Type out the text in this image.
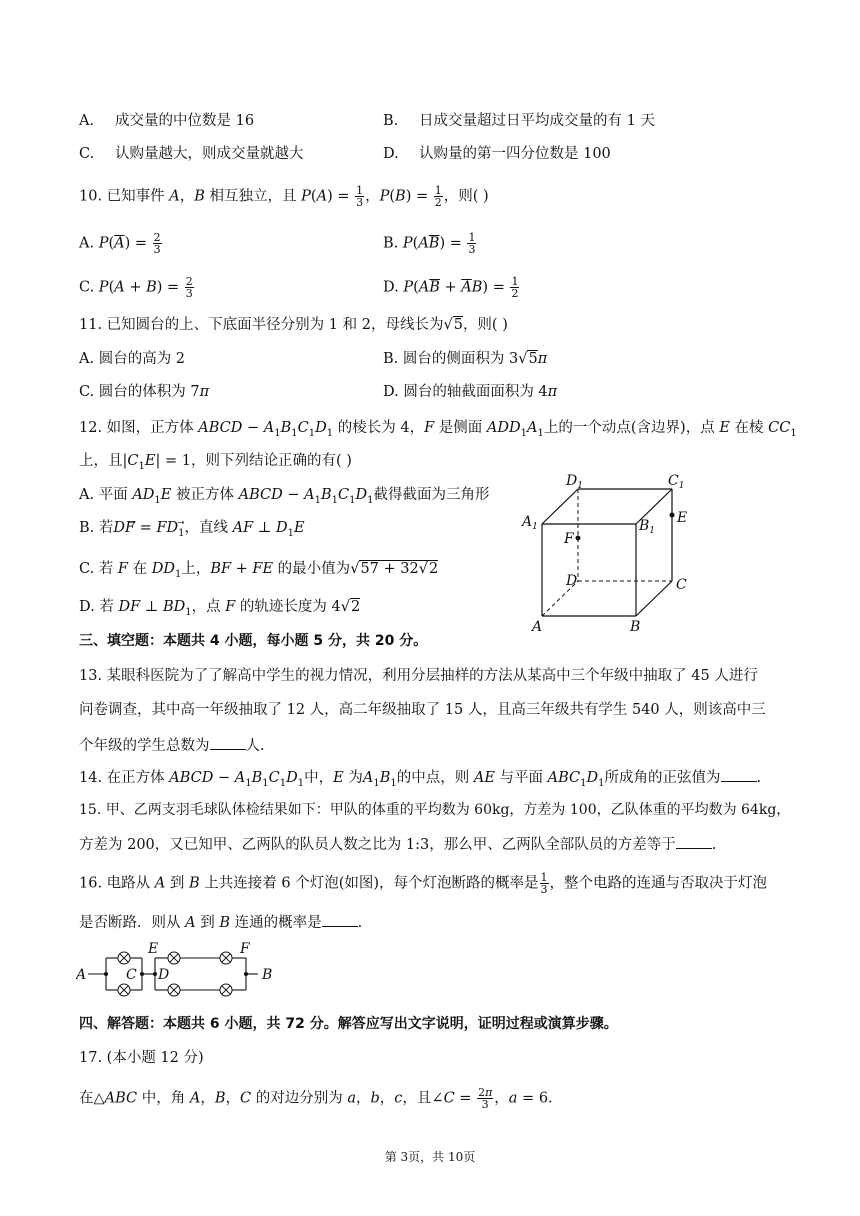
A. 成交量的中位数是 16	B. 日成交量超过日平均成交量的有 1 天
C. 认购量越大，则成交量就越大	D. 认购量的第一四分位数是 100
10. 已知事件 A，B 相互独立，且 $P(A) = \frac{1}{3}$ ，$P(B) = \frac{1}{2}$ ，则( )
A. $P(\overline{A}) = \frac{2}{3}$	B. $P(A\overline{B}) = \frac{1}{3}$
C. $P(A + B) = \frac{2}{3}$	D. $P(A\overline{B} + \overline{A}B) = \frac{1}{2}$
11. 已知圆台的上、下底面半径分别为 1 和 2，母线长为√5，则( )
A. 圆台的高为 2	B. 圆台的侧面积为 3√5π
C. 圆台的体积为 7π	D. 圆台的轴截面面积为 4π
12. 如图，正方体 ABCD − $A_1B_1C_1D_1$ 的棱长为 4，F 是侧面 $ADD_1A_1$上的一个动点(含边界)，点 E 在棱 $CC_1$
上，且$|C_1E| = 1$，则下列结论正确的有( )
A. 平面 $AD_1E$ 被正方体 ABCD − $A_1B_1C_1D_1$截得截面为三角形
B. 若DF⃗ = $FD_1$，直线 AF ⊥ $D_1E$
C. 若 F 在 $DD_1$上，BF + FE 的最小值为√57 + 32√2
D. 若 DF ⊥ $BD_1$，点 F 的轨迹长度为 4√2
$D_1$	$C_1$
$A_1$	$B_1$
E
F
D	C
A	B
三、填空题：本题共 4 小题，每小题 5 分，共 20 分。
13. 某眼科医院为了了解高中学生的视力情况，利用分层抽样的方法从某高中三个年级中抽取了 45 人进行
问卷调查，其中高一年级抽取了 12 人，高二年级抽取了 15 人，且高三年级共有学生 540 人，则该高中三
个年级的学生总数为 人.
14. 在正方体 ABCD − $A_1B_1C_1D_1$中，E 为$A_1B_1$的中点，则 AE 与平面 $ABC_1D_1$所成角的正弦值为 .
15. 甲、乙两支羽毛球队体检结果如下：甲队的体重的平均数为 60kg，方差为 100，乙队体重的平均数为 64kg，
方差为 200，又已知甲、乙两队的队员人数之比为 1:3，那么甲、乙两队全部队员的方差等于 .
16. 电路从 A 到 B 上共连接着 6 个灯泡(如图)，每个灯泡断路的概率是 $\frac{1}{3}$ ，整个电路的连通与否取决于灯泡
是否断路．则从 A 到 B 连通的概率是 .
A	C
E
D
F
B
四、解答题：本题共 6 小题，共 72 分。解答应写出文字说明，证明过程或演算步骤。
17. (本小题 12 分)
在△ABC 中，角 A，B，C 的对边分别为 a，b，c，且∠C = $\frac{2\pi}{3}$ ，a = 6.
第 3页，共 10页
